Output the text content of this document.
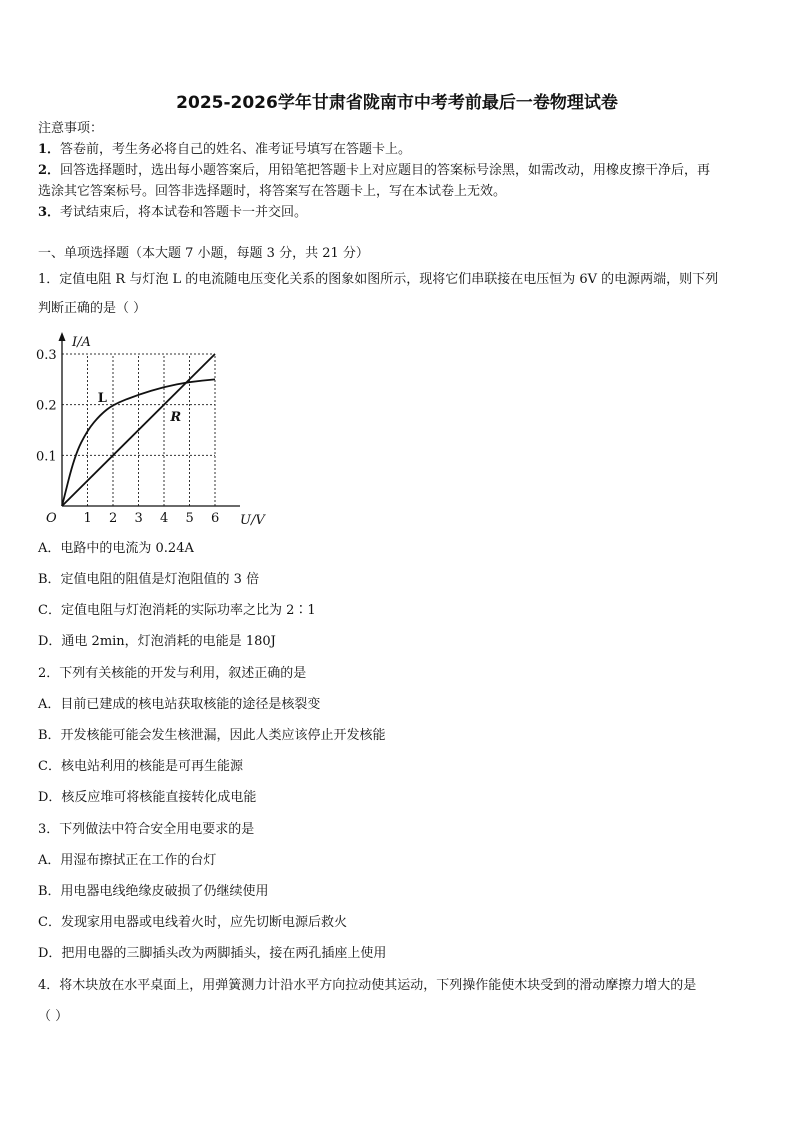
2025-2026学年甘肃省陇南市中考考前最后一卷物理试卷
注意事项：
1．答卷前，考生务必将自己的姓名、准考证号填写在答题卡上。
2．回答选择题时，选出每小题答案后，用铅笔把答题卡上对应题目的答案标号涂黑，如需改动，用橡皮擦干净后，再
选涂其它答案标号。回答非选择题时，将答案写在答题卡上，写在本试卷上无效。
3．考试结束后，将本试卷和答题卡一并交回。
一、单项选择题（本大题 7 小题，每题 3 分，共 21 分）
1．定值电阻 R 与灯泡 L 的电流随电压变化关系的图象如图所示，现将它们串联接在电压恒为 6V 的电源两端，则下列
判断正确的是（ ）
I/A
U/V
O 1 2 3 4 5 6
0.1
0.2
0.3
L
R
A．电路中的电流为 0.24A
B．定值电阻的阻值是灯泡阻值的 3 倍
C．定值电阻与灯泡消耗的实际功率之比为 2∶1
D．通电 2min，灯泡消耗的电能是 180J
2．下列有关核能的开发与利用，叙述正确的是
A．目前已建成的核电站获取核能的途径是核裂变
B．开发核能可能会发生核泄漏，因此人类应该停止开发核能
C．核电站利用的核能是可再生能源
D．核反应堆可将核能直接转化成电能
3．下列做法中符合安全用电要求的是
A．用湿布擦拭正在工作的台灯
B．用电器电线绝缘皮破损了仍继续使用
C．发现家用电器或电线着火时，应先切断电源后救火
D．把用电器的三脚插头改为两脚插头，接在两孔插座上使用
4．将木块放在水平桌面上，用弹簧测力计沿水平方向拉动使其运动，下列操作能使木块受到的滑动摩擦力增大的是
（ ）
